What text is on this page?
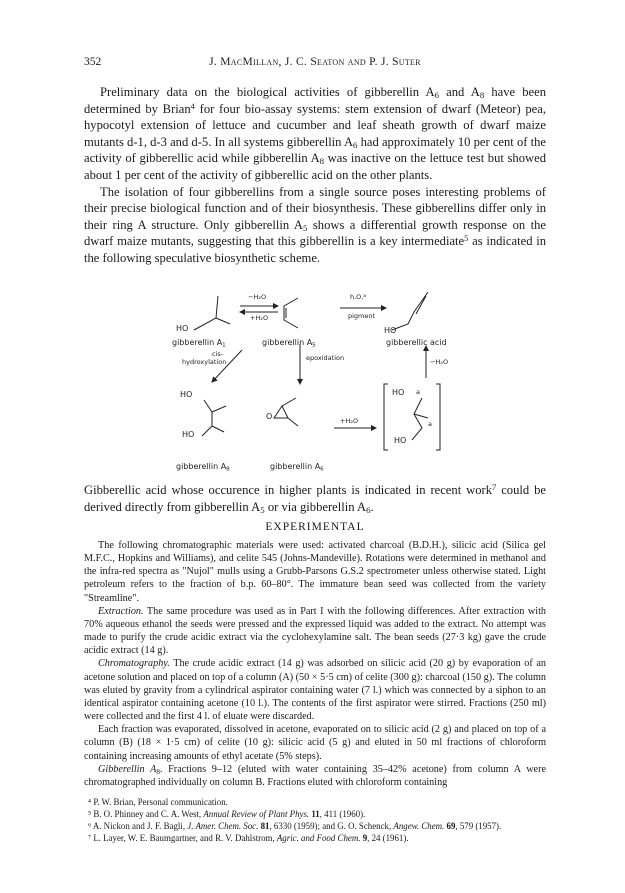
352	J. MacMillan, J. C. Seaton and P. J. Suter

Preliminary data on the biological activities of gibberellin $A_6$ and $A_8$ have been determined by Brian$^4$ for four bio-assay systems: stem extension of dwarf (Meteor) pea, hypocotyl extension of lettuce and cucumber and leaf sheath growth of dwarf maize mutants d-1, d-3 and d-5. In all systems gibberellin $A_6$ had approximately 10 per cent of the activity of gibberellic acid while gibberellin $A_8$ was inactive on the lettuce test but showed about 1 per cent of the activity of gibberellic acid on the other plants.

The isolation of four gibberellins from a single source poses interesting problems of their precise biological function and of their biosynthesis. These gibberellins differ only in their ring A structure. Only gibberellin $A_5$ shows a differential growth response on the dwarf maize mutants, suggesting that this gibberellin is a key intermediate$^5$ as indicated in the following speculative biosynthetic scheme.

−H₂O
+H₂O
h,O,$^a$
pigment
HO	HO
gibberellin $A_1$	gibberellin $A_5$	gibberellic acid
cis-
hydroxylation	epoxidation	−H₂O
HO
HO
O	+H₂O
HO a
a
HO
gibberellin $A_8$	gibberellin $A_6$

Gibberellic acid whose occurence in higher plants is indicated in recent work$^7$ could be derived directly from gibberellin $A_5$ or via gibberellin $A_6$.

EXPERIMENTAL

The following chromatographic materials were used: activated charcoal (B.D.H.), silicic acid (Silica gel M.F.C., Hopkins and Williams), and celite 545 (Johns-Mandeville). Rotations were determined in methanol and the infra-red spectra as "Nujol" mulls using a Grubb-Parsons G.S.2 spectrometer unless otherwise stated. Light petroleum refers to the fraction of b.p. 60–80°. The immature bean seed was collected from the variety "Streamline".

Extraction. The same procedure was used as in Part I with the following differences. After extraction with 70% aqueous ethanol the seeds were pressed and the expressed liquid was added to the extract. No attempt was made to purify the crude acidic extract via the cyclohexylamine salt. The bean seeds (27·3 kg) gave the crude acidic extract (14 g).

Chromatography. The crude acidic extract (14 g) was adsorbed on silicic acid (20 g) by evaporation of an acetone solution and placed on top of a column (A) (50 × 5·5 cm) of celite (300 g): charcoal (150 g). The column was eluted by gravity from a cylindrical aspirator containing water (7 l.) which was connected by a siphon to an identical aspirator containing acetone (10 l.). The contents of the first aspirator were stirred. Fractions (250 ml) were collected and the first 4 l. of eluate were discarded.

Each fraction was evaporated, dissolved in acetone, evaporated on to silicic acid (2 g) and placed on top of a column (B) (18 × 1·5 cm) of celite (10 g): silicic acid (5 g) and eluted in 50 ml fractions of chloroform containing increasing amounts of ethyl acetate (5% steps).

Gibberellin $A_8$. Fractions 9–12 (eluted with water containing 35–42% acetone) from column A were chromatographed individually on column B. Fractions eluted with chloroform containing

⁴ P. W. Brian, Personal communication.

⁵ B. O. Phinney and C. A. West, Annual Review of Plant Phys. 11, 411 (1960).

⁶ A. Nickon and J. F. Bagli, J. Amer. Chem. Soc. 81, 6330 (1959); and G. O. Schenck, Angew. Chem. 69, 579 (1957).

⁷ L. Layer, W. E. Baumgartner, and R. V. Dahlstrom, Agric. and Food Chem. 9, 24 (1961).
